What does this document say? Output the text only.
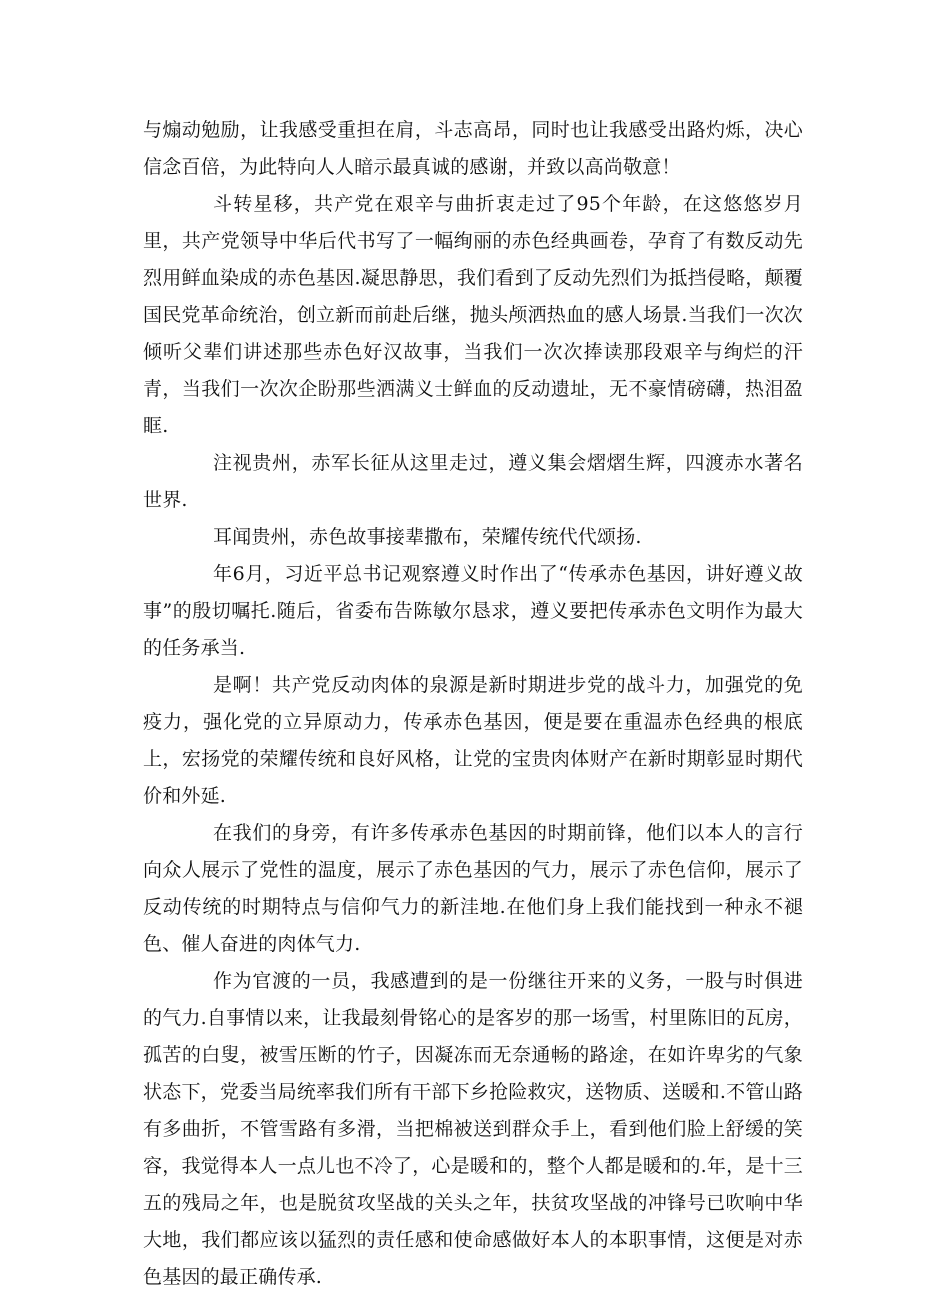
与煽动勉励，让我感受重担在肩，斗志高昂，同时也让我感受出路灼烁，决心信念百倍，为此特向人人暗示最真诚的感谢，并致以高尚敬意！

斗转星移，共产党在艰辛与曲折衷走过了95个年龄，在这悠悠岁月里，共产党领导中华后代书写了一幅绚丽的赤色经典画卷，孕育了有数反动先烈用鲜血染成的赤色基因.凝思静思，我们看到了反动先烈们为抵挡侵略，颠覆国民党革命统治，创立新而前赴后继，抛头颅洒热血的感人场景.当我们一次次倾听父辈们讲述那些赤色好汉故事，当我们一次次捧读那段艰辛与绚烂的汗青，当我们一次次企盼那些洒满义士鲜血的反动遗址，无不豪情磅礴，热泪盈眶.

注视贵州，赤军长征从这里走过，遵义集会熠熠生辉，四渡赤水著名世界.

耳闻贵州，赤色故事接辈撒布，荣耀传统代代颂扬.

年6月，习近平总书记观察遵义时作出了“传承赤色基因，讲好遵义故事”的殷切嘱托.随后，省委布告陈敏尔恳求，遵义要把传承赤色文明作为最大的任务承当.

是啊！共产党反动肉体的泉源是新时期进步党的战斗力，加强党的免疫力，强化党的立异原动力，传承赤色基因，便是要在重温赤色经典的根底上，宏扬党的荣耀传统和良好风格，让党的宝贵肉体财产在新时期彰显时期代价和外延.

在我们的身旁，有许多传承赤色基因的时期前锋，他们以本人的言行向众人展示了党性的温度，展示了赤色基因的气力，展示了赤色信仰，展示了反动传统的时期特点与信仰气力的新洼地.在他们身上我们能找到一种永不褪色、催人奋进的肉体气力.

作为官渡的一员，我感遭到的是一份继往开来的义务，一股与时俱进的气力.自事情以来，让我最刻骨铭心的是客岁的那一场雪，村里陈旧的瓦房，孤苦的白叟，被雪压断的竹子，因凝冻而无奈通畅的路途，在如许卑劣的气象状态下，党委当局统率我们所有干部下乡抢险救灾，送物质、送暖和.不管山路有多曲折，不管雪路有多滑，当把棉被送到群众手上，看到他们脸上舒缓的笑容，我觉得本人一点儿也不冷了，心是暖和的，整个人都是暖和的.年，是十三五的残局之年，也是脱贫攻坚战的关头之年，扶贫攻坚战的冲锋号已吹响中华大地，我们都应该以猛烈的责任感和使命感做好本人的本职事情，这便是对赤色基因的最正确传承.
